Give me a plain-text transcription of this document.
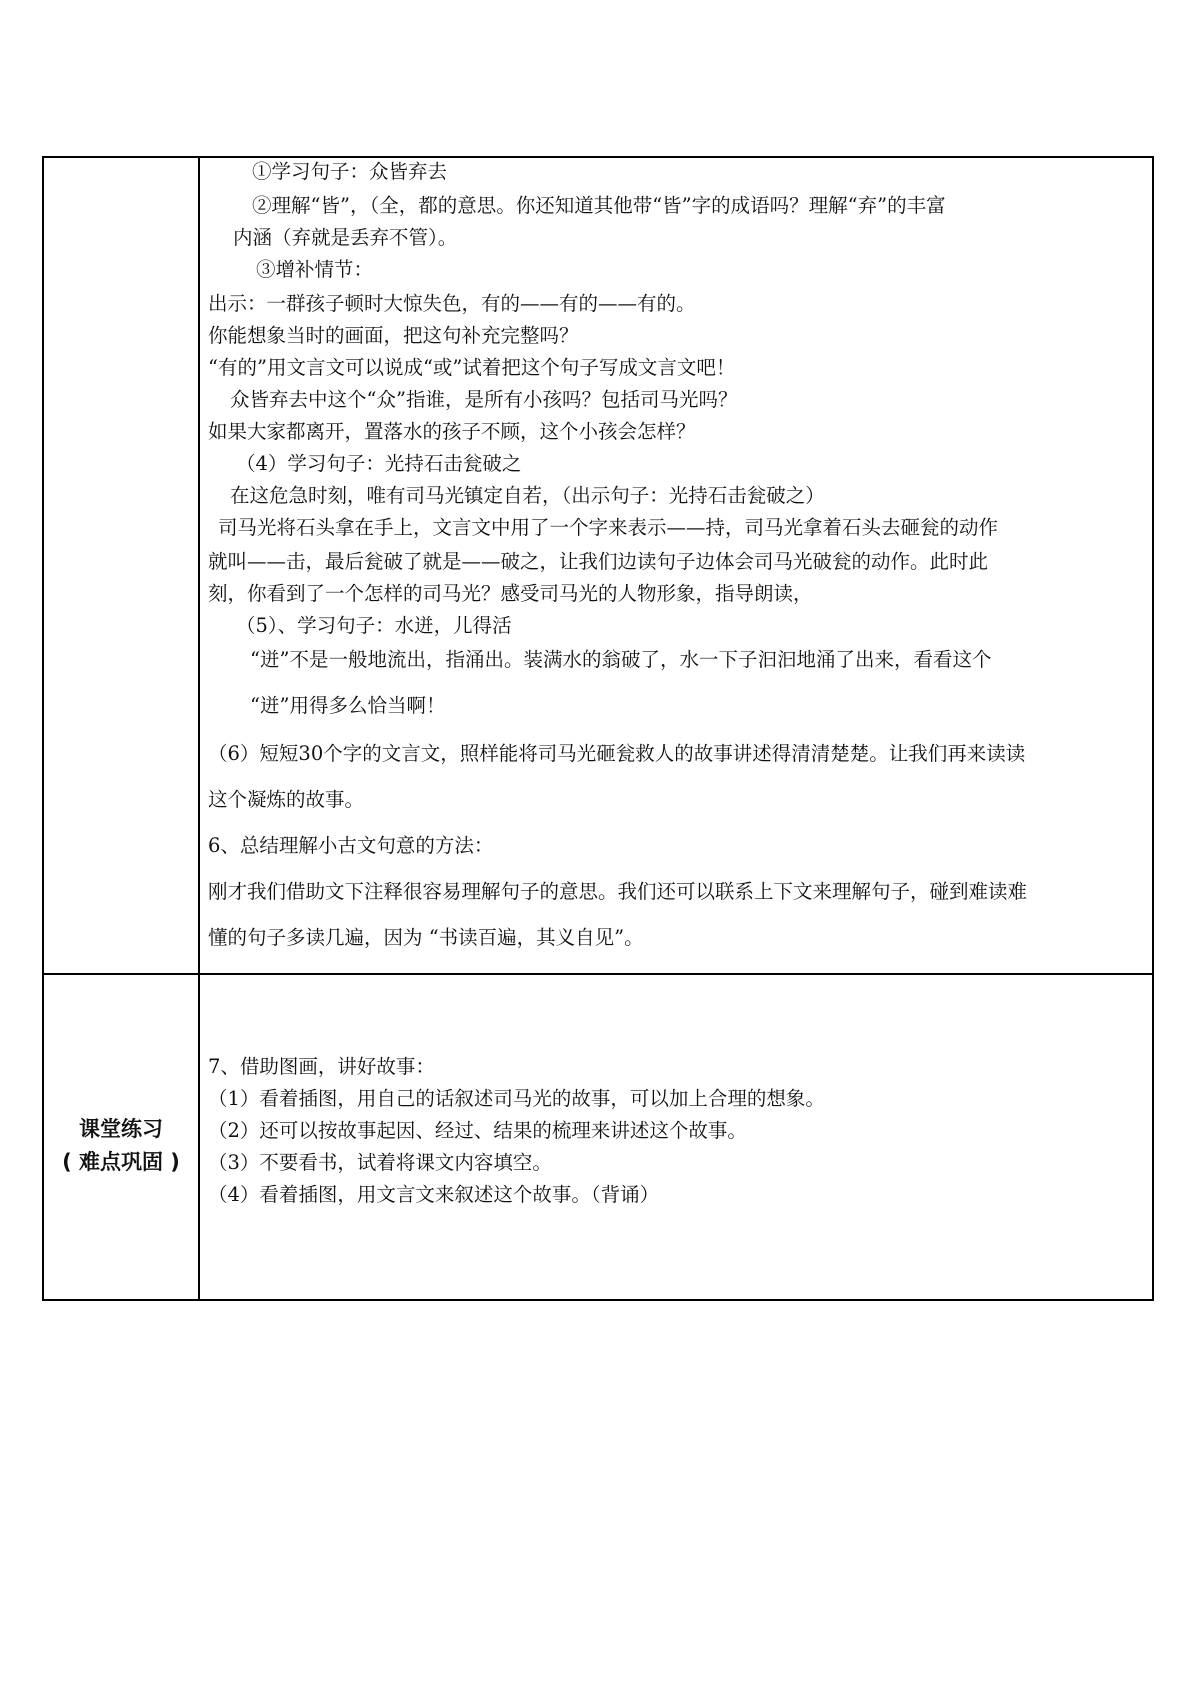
课堂练习
( 难点巩固 )
①学习句子：众皆弃去
②理解“皆”，（全，都的意思。你还知道其他带“皆”字的成语吗？理解“弃”的丰富
内涵（弃就是丢弃不管）。
③增补情节：
出示：一群孩子顿时大惊失色，有的——有的——有的。
你能想象当时的画面，把这句补充完整吗？
“有的”用文言文可以说成“或”试着把这个句子写成文言文吧！
众皆弃去中这个“众”指谁，是所有小孩吗？包括司马光吗？
如果大家都离开，置落水的孩子不顾，这个小孩会怎样？
（4）学习句子：光持石击瓮破之
在这危急时刻，唯有司马光镇定自若，（出示句子：光持石击瓮破之）
司马光将石头拿在手上，文言文中用了一个字来表示——持，司马光拿着石头去砸瓮的动作
就叫——击，最后瓮破了就是——破之，让我们边读句子边体会司马光破瓮的动作。此时此
刻，你看到了一个怎样的司马光？感受司马光的人物形象，指导朗读，
（5）、学习句子：水迸，儿得活
“迸”不是一般地流出，指涌出。装满水的翁破了，水一下子汩汩地涌了出来，看看这个
“迸”用得多么恰当啊！
（6）短短30个字的文言文，照样能将司马光砸瓮救人的故事讲述得清清楚楚。让我们再来读读
这个凝炼的故事。
6、总结理解小古文句意的方法：
刚才我们借助文下注释很容易理解句子的意思。我们还可以联系上下文来理解句子，碰到难读难
懂的句子多读几遍，因为 “书读百遍，其义自见”。
7、借助图画，讲好故事：
（1）看着插图，用自己的话叙述司马光的故事，可以加上合理的想象。
（2）还可以按故事起因、经过、结果的梳理来讲述这个故事。
（3）不要看书，试着将课文内容填空。
（4）看着插图，用文言文来叙述这个故事。（背诵）
